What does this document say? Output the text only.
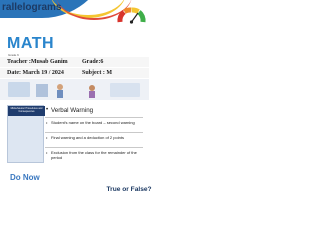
rallelograms
MATH
Grade 6
Teacher :Musab Ganim Grade:6
Date: March 19 / 2024	Subject : M
Misbehaviour Procedures and Consequences	• Verbal Warning
• Student's name on the board – second warning
• Final warning and a deduction of 2 points
• Exclusion from the class for the remainder of the period
Do Now
True or False?
